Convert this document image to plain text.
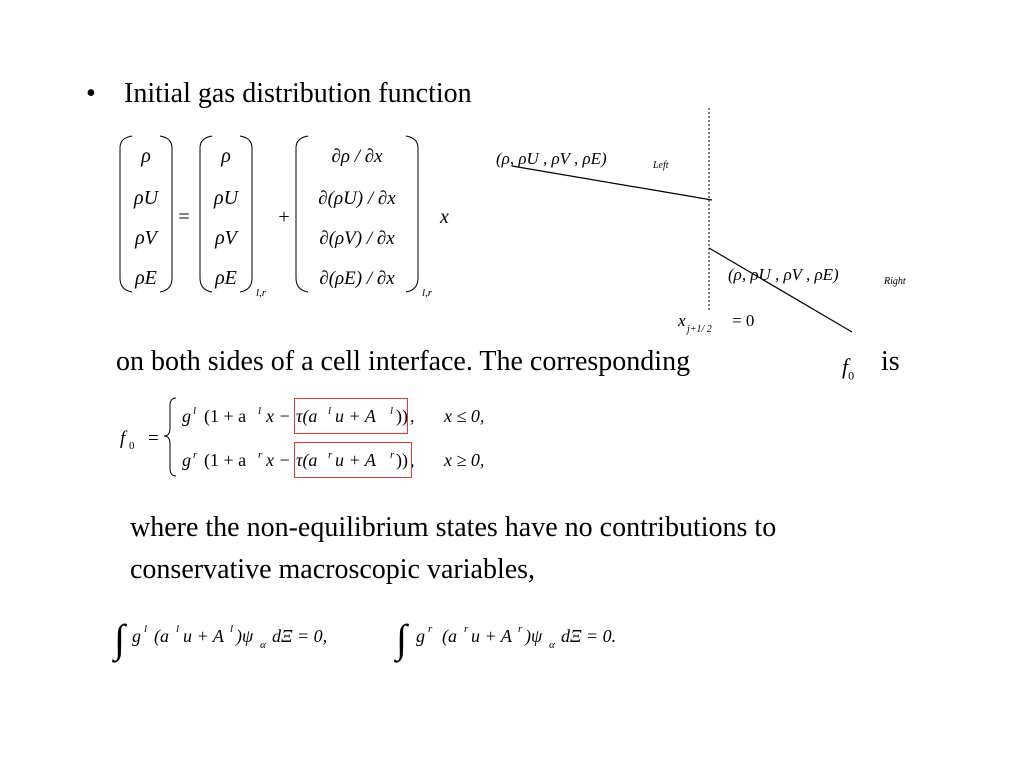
• Initial gas distribution function
ρ
ρU
ρV
ρE
=
ρ
ρU
ρV
ρE
l,r
+
∂ρ / ∂x
∂(ρU) / ∂x
∂(ρV) / ∂x
∂(ρE) / ∂x
l,r
x
(ρ, ρU , ρV , ρE)	Left
(ρ, ρU , ρV , ρE)	Right
x j+1/ 2 = 0
on both sides of a cell interface. The corresponding	$f_0$ is
f 0 =
g l (1 + a l x − τ(a l u + A l )) , x ≤ 0,
g r (1 + a r x − τ(a r u + A r )) , x ≥ 0,
where the non-equilibrium states have no contributions to
conservative macroscopic variables,
∫ g l (a l u + A l )ψ α dΞ = 0, ∫ g r (a r u + A r )ψ α dΞ = 0.
